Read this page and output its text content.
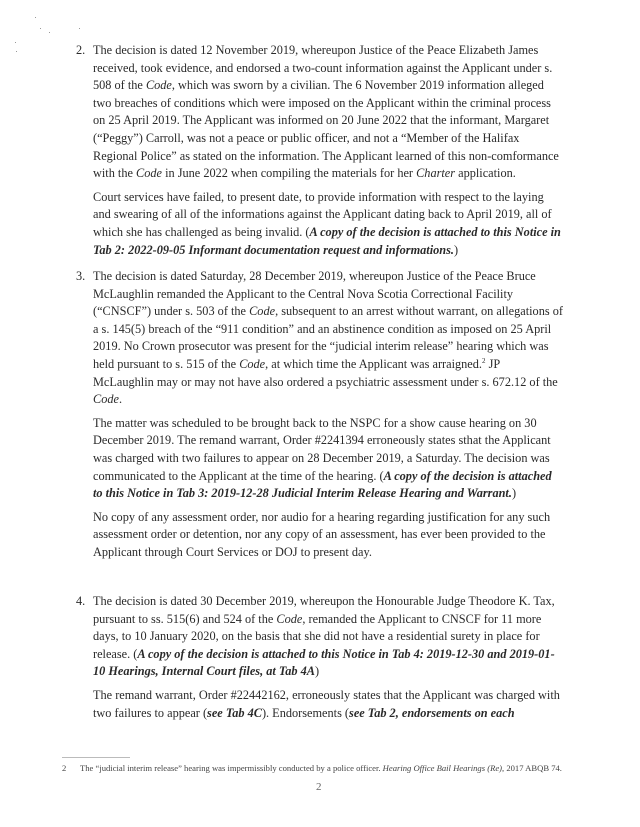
2. The decision is dated 12 November 2019, whereupon Justice of the Peace Elizabeth James received, took evidence, and endorsed a two-count information against the Applicant under s. 508 of the Code, which was sworn by a civilian. The 6 November 2019 information alleged two breaches of conditions which were imposed on the Applicant within the criminal process on 25 April 2019. The Applicant was informed on 20 June 2022 that the informant, Margaret (“Peggy”) Carroll, was not a peace or public officer, and not a “Member of the Halifax Regional Police” as stated on the information. The Applicant learned of this non-comformance with the Code in June 2022 when compiling the materials for her Charter application.

Court services have failed, to present date, to provide information with respect to the laying and swearing of all of the informations against the Applicant dating back to April 2019, all of which she has challenged as being invalid. (A copy of the decision is attached to this Notice in Tab 2: 2022-09-05 Informant documentation request and informations.)

3. The decision is dated Saturday, 28 December 2019, whereupon Justice of the Peace Bruce McLaughlin remanded the Applicant to the Central Nova Scotia Correctional Facility (“CNSCF”) under s. 503 of the Code, subsequent to an arrest without warrant, on allegations of a s. 145(5) breach of the “911 condition” and an abstinence condition as imposed on 25 April 2019. No Crown prosecutor was present for the “judicial interim release” hearing which was held pursuant to s. 515 of the Code, at which time the Applicant was arraigned.$^2$ JP McLaughlin may or may not have also ordered a psychiatric assessment under s. 672.12 of the Code.

The matter was scheduled to be brought back to the NSPC for a show cause hearing on 30 December 2019. The remand warrant, Order #2241394 erroneously states sthat the Applicant was charged with two failures to appear on 28 December 2019, a Saturday. The decision was communicated to the Applicant at the time of the hearing. (A copy of the decision is attached to this Notice in Tab 3: 2019-12-28 Judicial Interim Release Hearing and Warrant.)

No copy of any assessment order, nor audio for a hearing regarding justification for any such assessment order or detention, nor any copy of an assessment, has ever been provided to the Applicant through Court Services or DOJ to present day.

4. The decision is dated 30 December 2019, whereupon the Honourable Judge Theodore K. Tax, pursuant to ss. 515(6) and 524 of the Code, remanded the Applicant to CNSCF for 11 more days, to 10 January 2020, on the basis that she did not have a residential surety in place for release. (A copy of the decision is attached to this Notice in Tab 4: 2019-12-30 and 2019-01-10 Hearings, Internal Court files, at Tab 4A)

The remand warrant, Order #22442162, erroneously states that the Applicant was charged with two failures to appear (see Tab 4C). Endorsements (see Tab 2, endorsements on each

2 The “judicial interim release” hearing was impermissibly conducted by a police officer. Hearing Office Bail Hearings (Re), 2017 ABQB 74.
2
